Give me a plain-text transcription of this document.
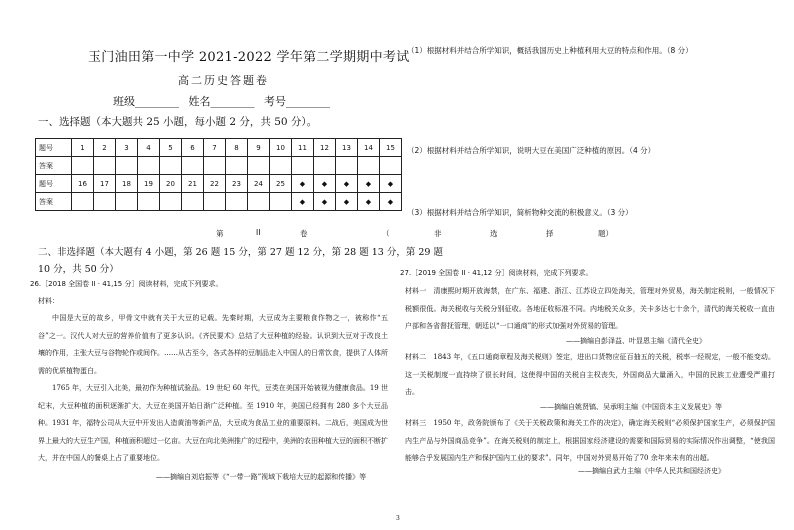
玉门油田第一中学 2021-2022 学年第二学期期中考试
高二历史答题卷
班级________ 姓名________ 考号________
一、选择题（本大题共 25 小题，每小题 2 分，共 50 分）。
题号	1	2	3	4	5	6	7	8	9	10	11	12	13	14	15
答案															
题号	16	17	18	19	20	21	22	23	24	25	◆	◆	◆	◆	◆
答案											◆	◆	◆	◆	◆
第	II	卷	（
二、非选择题（本大题有 4 小题，第 26 题 15 分，第 27 题 12 分，第 28 题 13 分，第 29 题
10 分，共 50 分）
26.［2018 全国卷 II · 41,15 分］阅读材料，完成下列要求。
材料：
中国是大豆的故乡，甲骨文中就有关于大豆的记载。先秦时期，大豆成为主要粮食作物之一，被称作“五谷”之一。汉代人对大豆的营养价值有了更多认识。《齐民要术》总结了大豆种植的经验。认识到大豆对于改良土壤的作用，主张大豆与谷物轮作或间作。……从古至今，各式各样的豆制品走入中国人的日常饮食，提供了人体所需的优质植物蛋白。
1765 年，大豆引入北美，最初作为种植试验品。19 世纪 60 年代，豆类在美国开始被视为健康食品。19 世纪末，大豆种植的面积逐渐扩大，大豆在美国开始日渐广泛种植。至 1910 年，美国已经拥有 280 多个大豆品种。1931 年，福特公司从大豆中开发出人造黄油等新产品，大豆成为食品工业的重要原料。二战后，美国成为世界上最大的大豆生产国，种植面积超过一亿亩。大豆在向北美洲推广的过程中，美洲的农田种植大豆的面积不断扩大，并在中国人的餐桌上占了重要地位。
——摘编自刘启振等《“一带一路”视域下栽培大豆的起源和传播》等
（1）根据材料并结合所学知识，概括我国历史上种植利用大豆的特点和作用。（8 分）
（2）根据材料并结合所学知识，说明大豆在美国广泛种植的原因。（4 分）
（3）根据材料并结合所学知识，简析物种交流的积极意义。（3 分）
非	选	择	题）
27.［2019 全国卷 II · 41,12 分］阅读材料，完成下列要求。
材料一　清康熙时期开放海禁，在广东、福建、浙江、江苏设立四处海关，管理对外贸易，海关制定税则，一般情况下税额很低。海关税收与关税分别征收。各地征收标准不同。内地税关众多，关卡多达七十余个，清代的海关税收一直由户部和各省督抚管理，朝廷以“一口通商”的形式加强对外贸易的管理。
——摘编自彭泽益、叶显恩主编《清代全史》
材料二　1843 年，《五口通商章程及海关税则》签定，进出口货物应征百抽五的关税，税率一经规定，一般不能变动。这一关税制度一直持续了很长时间，这使得中国的关税自主权丧失，外国商品大量涌入，中国的民族工业遭受严重打击。
——摘编自姚贤镐、吴承明主编《中国资本主义发展史》等
材料三　1950 年，政务院颁布了《关于关税政策和海关工作的决定》，确定海关税则“必须保护国家生产，必须保护国内生产品与外国商品竞争”。在海关税则的制定上，根据国家经济建设的需要和国际贸易的实际情况作出调整，“使我国能够合乎发展国内生产和保护国内工业的要求”。同年，中国对外贸易开始了70 余年来未有的出超。
——摘编自武力主编《中华人民共和国经济史》
3
